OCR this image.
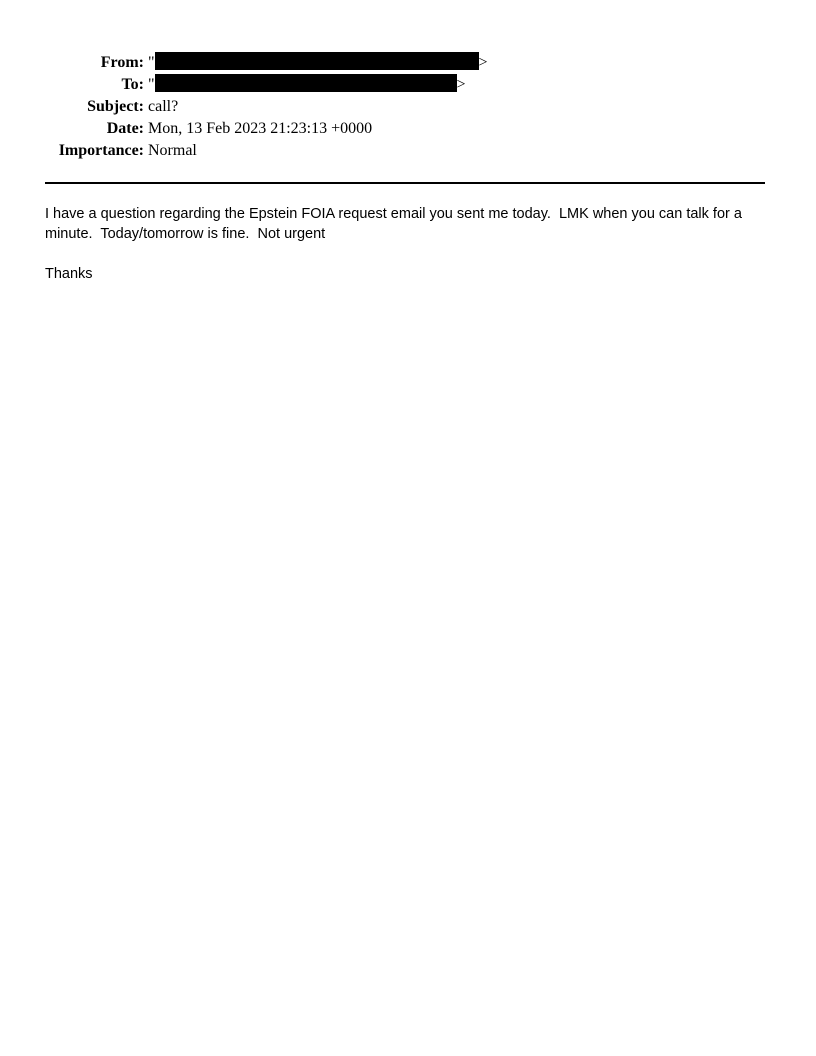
From: "	>
To: "	>
Subject: call?
Date: Mon, 13 Feb 2023 21:23:13 +0000
Importance: Normal

I have a question regarding the Epstein FOIA request email you sent me today.  LMK when you can talk for a minute.  Today/tomorrow is fine.  Not urgent

Thanks
